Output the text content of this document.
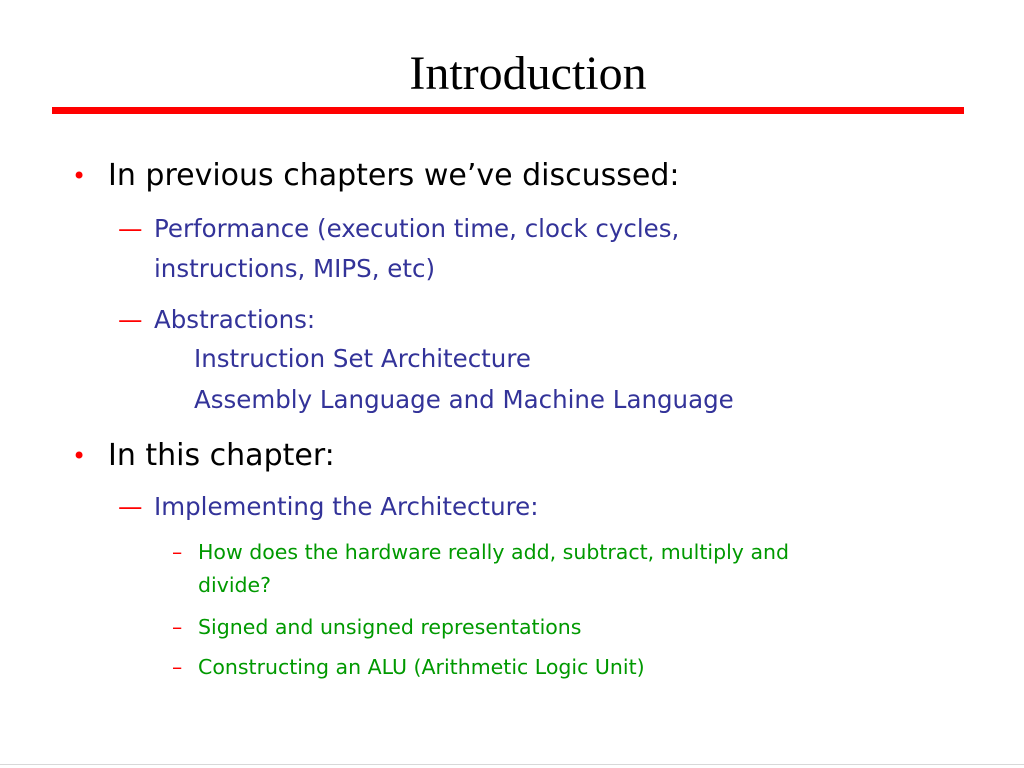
Introduction
• In previous chapters we’ve discussed:
— Performance (execution time, clock cycles,
instructions, MIPS, etc)
— Abstractions:
Instruction Set Architecture
Assembly Language and Machine Language
• In this chapter:
— Implementing the Architecture:
– How does the hardware really add, subtract, multiply and
divide?
– Signed and unsigned representations
– Constructing an ALU (Arithmetic Logic Unit)
